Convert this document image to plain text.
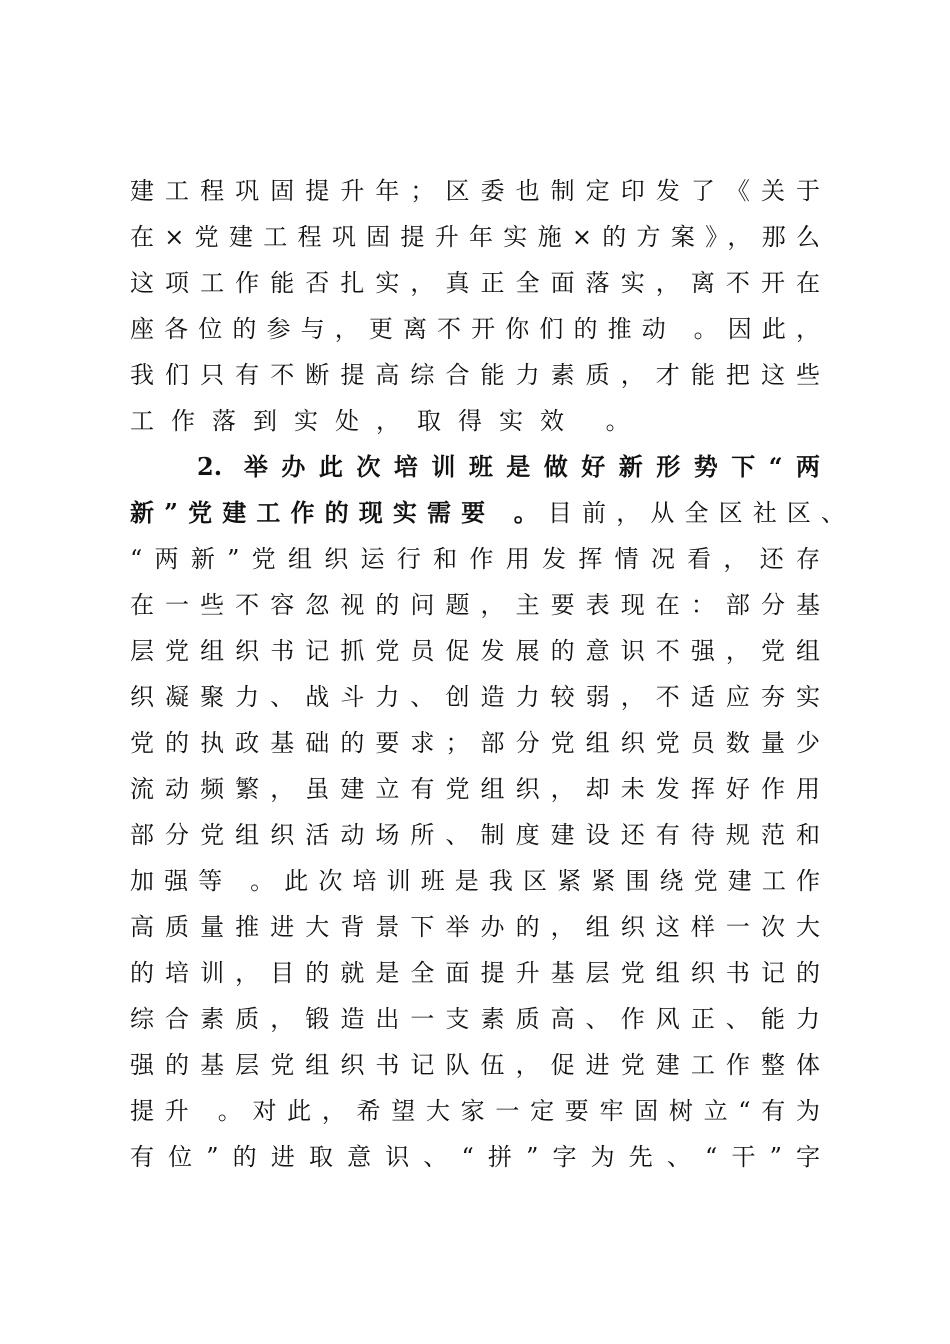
建工程巩固提升年；区委也制定印发了《关于
在×党建工程巩固提升年实施×的方案》，那么
这项工作能否扎实，真正全面落实，离不开在
座各位的参与，更离不开你们的推动 。因此，
我们只有不断提高综合能力素质，才能把这些
工作落到实处，取得实效 。
2. 举办此次培训班是做好新形势下“两
新”党建工作的现实需要 。目前，从全区社区、
“两新”党组织运行和作用发挥情况看，还存
在一些不容忽视的问题，主要表现在：部分基
层党组织书记抓党员促发展的意识不强，党组
织凝聚力、战斗力、创造力较弱，不适应夯实
党的执政基础的要求；部分党组织党员数量少
流动频繁，虽建立有党组织，却未发挥好作用
部分党组织活动场所、制度建设还有待规范和
加强等 。此次培训班是我区紧紧围绕党建工作
高质量推进大背景下举办的，组织这样一次大
的培训，目的就是全面提升基层党组织书记的
综合素质，锻造出一支素质高、作风正、能力
强的基层党组织书记队伍，促进党建工作整体
提升 。对此，希望大家一定要牢固树立“有为
有位”的进取意识、“拼”字为先、“干”字
